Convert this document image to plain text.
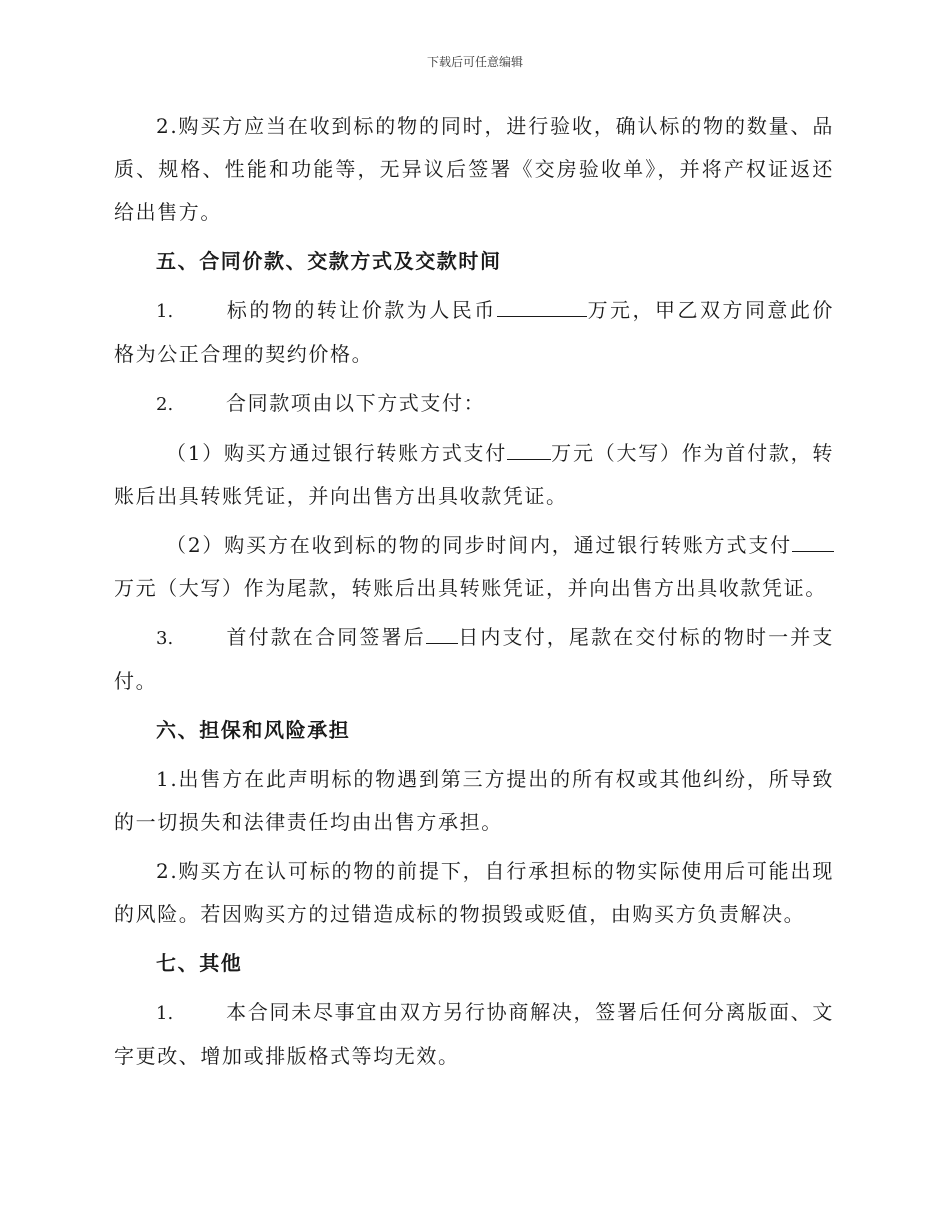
下载后可任意编辑

2.购买方应当在收到标的物的同时，进行验收，确认标的物的数量、品质、规格、性能和功能等，无异议后签署《交房验收单》，并将产权证返还给出售方。

五、合同价款、交款方式及交款时间

1.	标的物的转让价款为人民币	万元，甲乙双方同意此价格为公正合理的契约价格。

2.	合同款项由以下方式支付：

（1）购买方通过银行转账方式支付 万元（大写）作为首付款，转账后出具转账凭证，并向出售方出具收款凭证。

（2）购买方在收到标的物的同步时间内，通过银行转账方式支付万元（大写）作为尾款，转账后出具转账凭证，并向出售方出具收款凭证。

3.	首付款在合同签署后 日内支付，尾款在交付标的物时一并支付。

六、担保和风险承担

1.出售方在此声明标的物遇到第三方提出的所有权或其他纠纷，所导致的一切损失和法律责任均由出售方承担。

2.购买方在认可标的物的前提下，自行承担标的物实际使用后可能出现的风险。若因购买方的过错造成标的物损毁或贬值，由购买方负责解决。

七、其他

1.	本合同未尽事宜由双方另行协商解决，签署后任何分离版面、文字更改、增加或排版格式等均无效。
